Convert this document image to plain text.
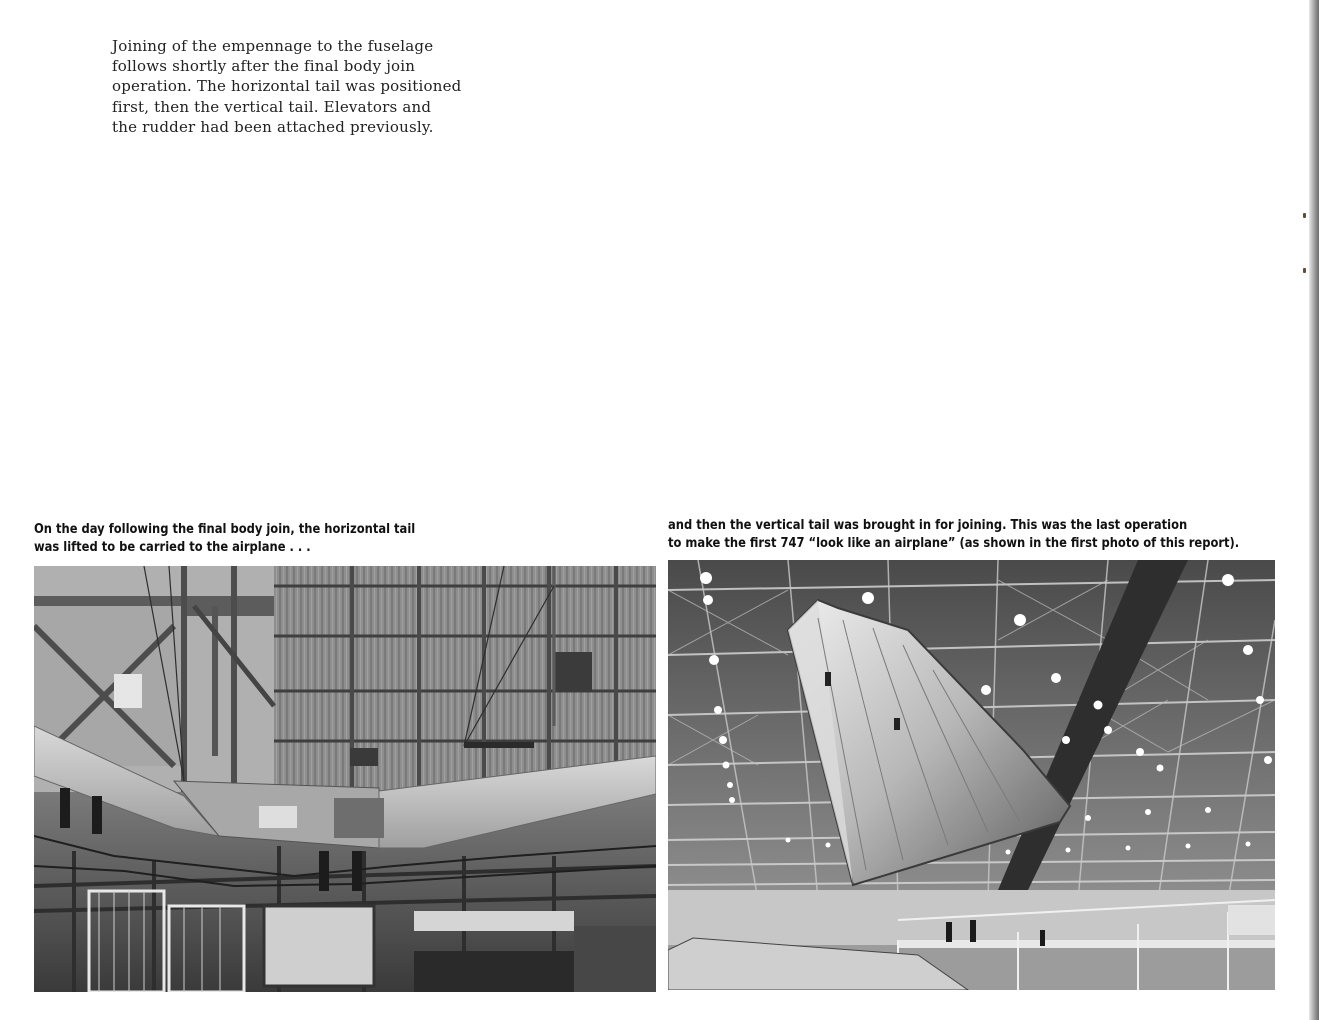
Joining of the empennage to the fuselage
follows shortly after the final body join
operation. The horizontal tail was positioned
first, then the vertical tail. Elevators and
the rudder had been attached previously.

On the day following the final body join, the horizontal tail
was lifted to be carried to the airplane . . .

and then the vertical tail was brought in for joining. This was the last operation
to make the first 747 “look like an airplane” (as shown in the first photo of this report).
